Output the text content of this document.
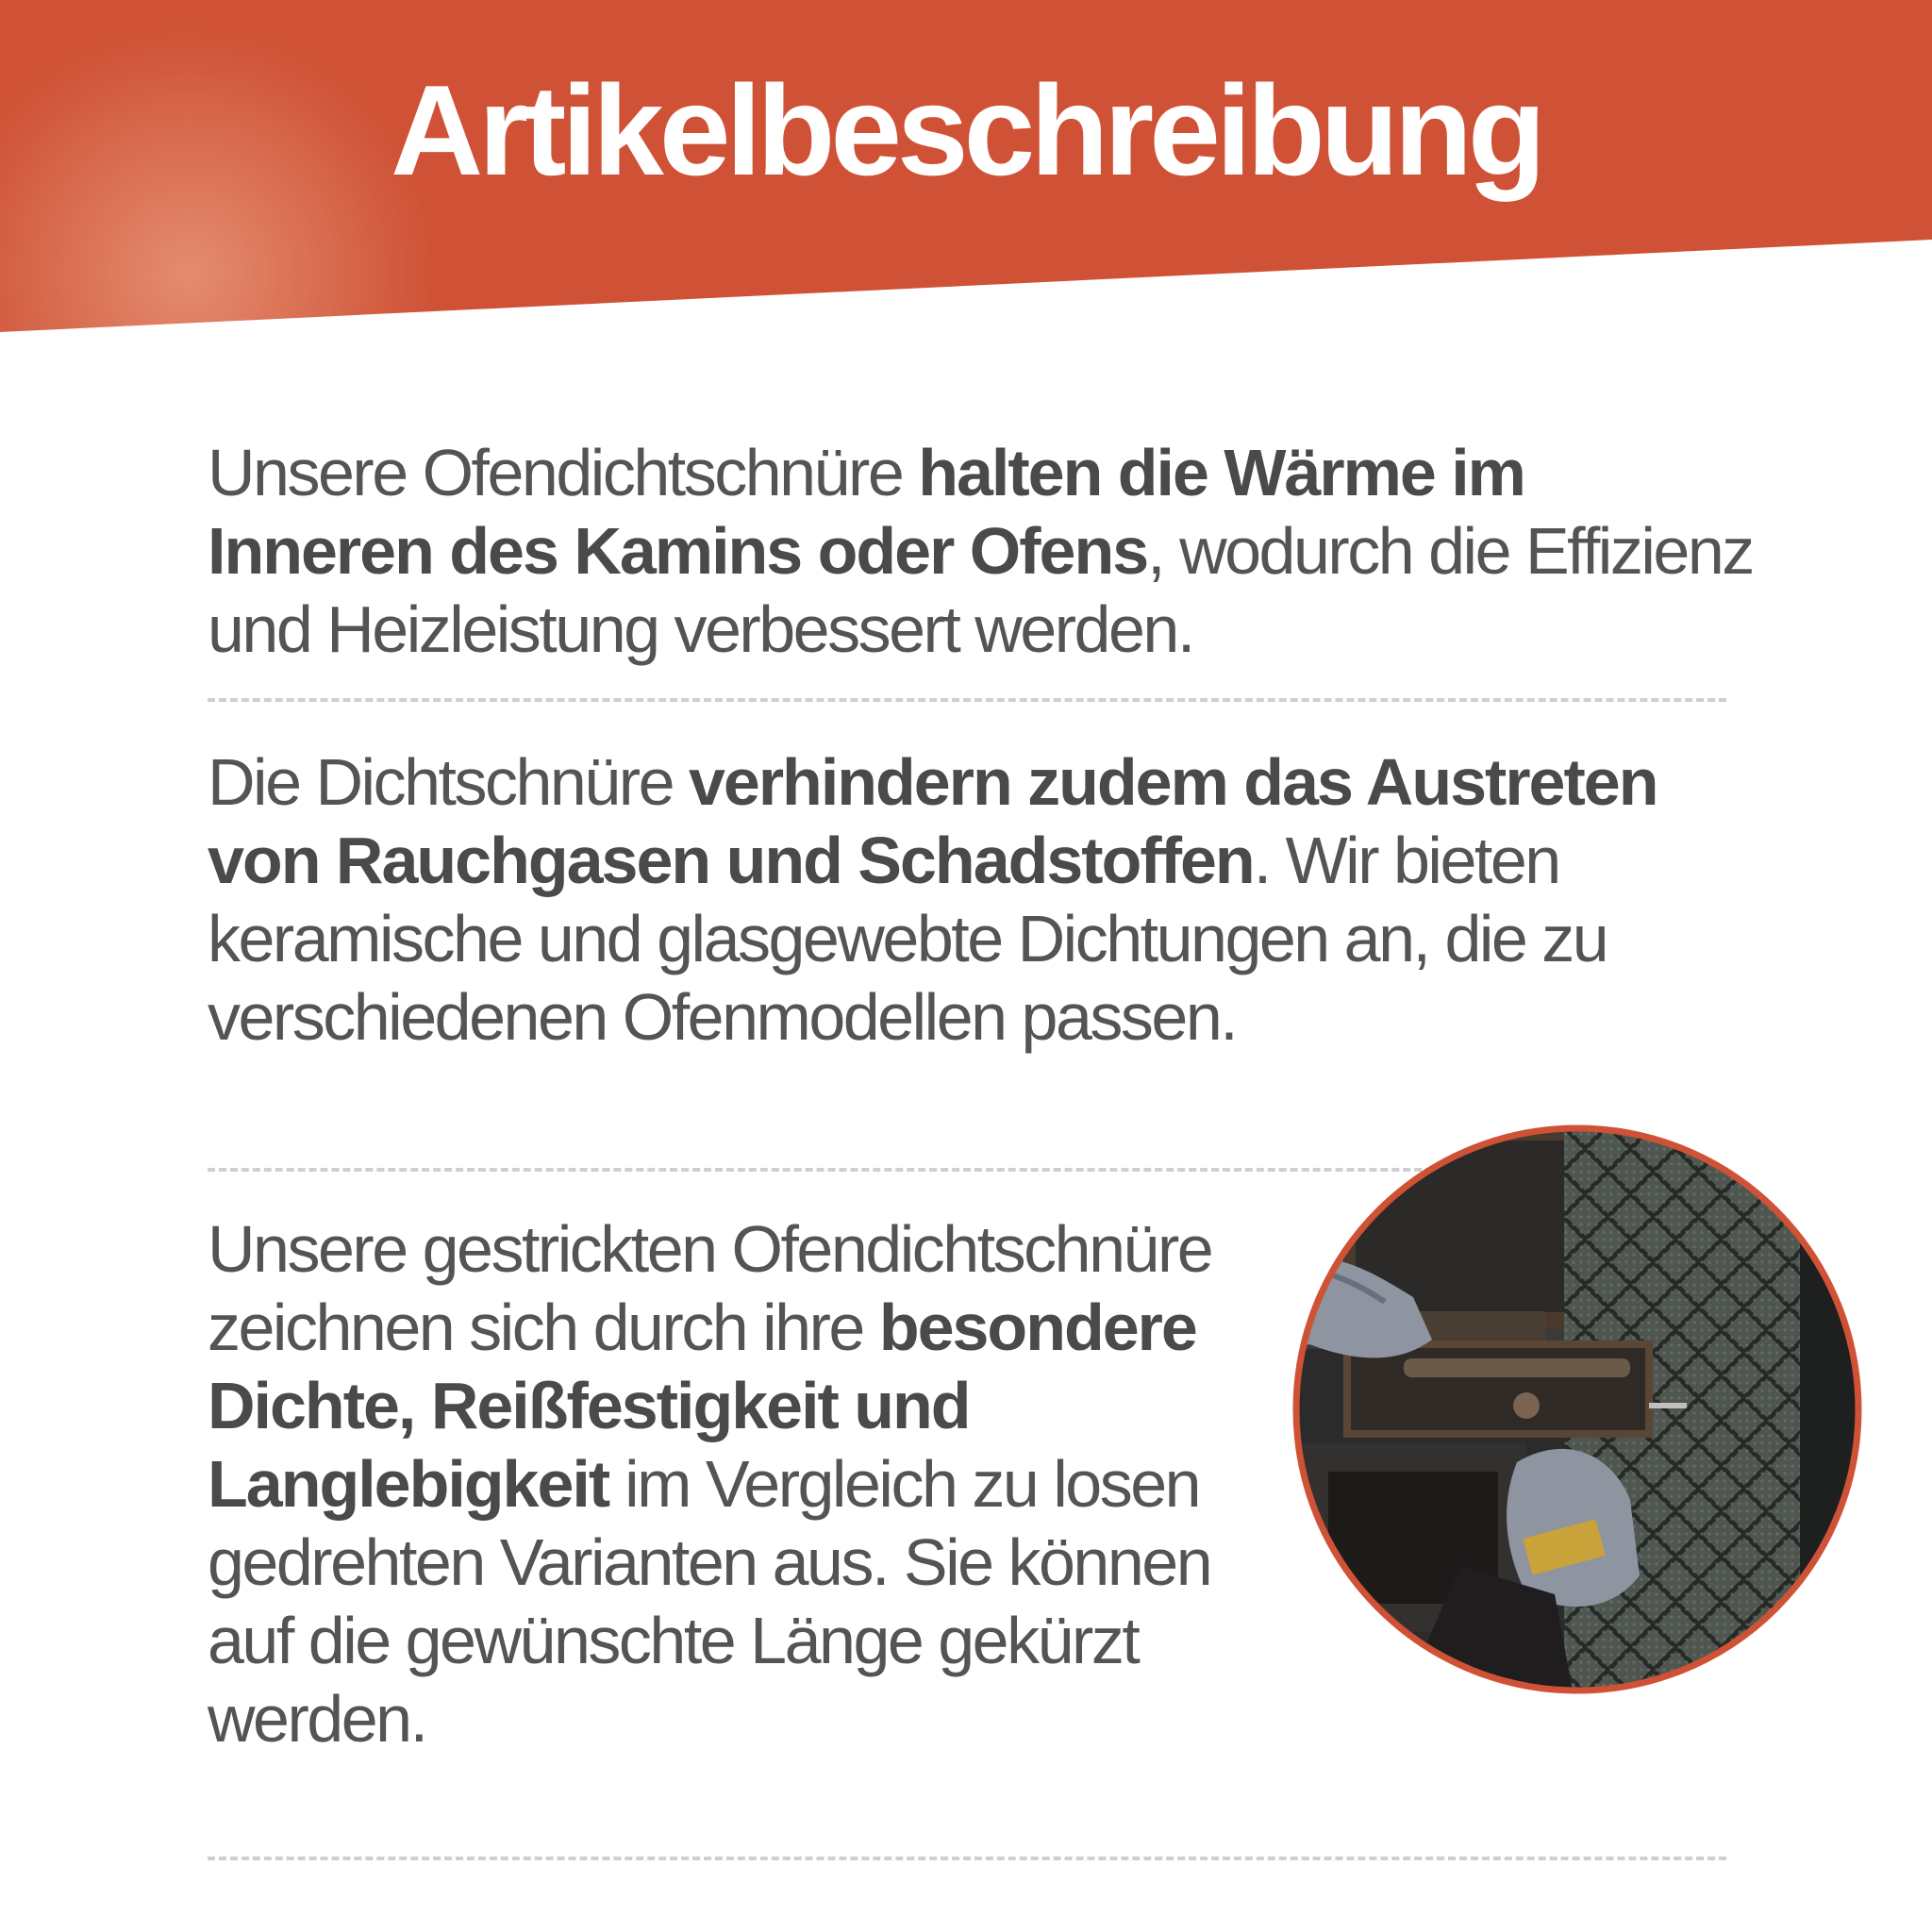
Artikelbeschreibung

Unsere Ofendichtschnüre halten die Wärme im Inneren des Kamins oder Ofens, wodurch die Effizienz und Heizleistung verbessert werden.

Die Dichtschnüre verhindern zudem das Austreten von Rauchgasen und Schadstoffen. Wir bieten keramische und glasgewebte Dichtungen an, die zu verschiedenen Ofenmodellen passen.

Unsere gestrickten Ofendichtschnüre zeichnen sich durch ihre besondere Dichte, Reißfestigkeit und Langlebigkeit im Vergleich zu losen gedrehten Varianten aus. Sie können auf die gewünschte Länge gekürzt werden.
